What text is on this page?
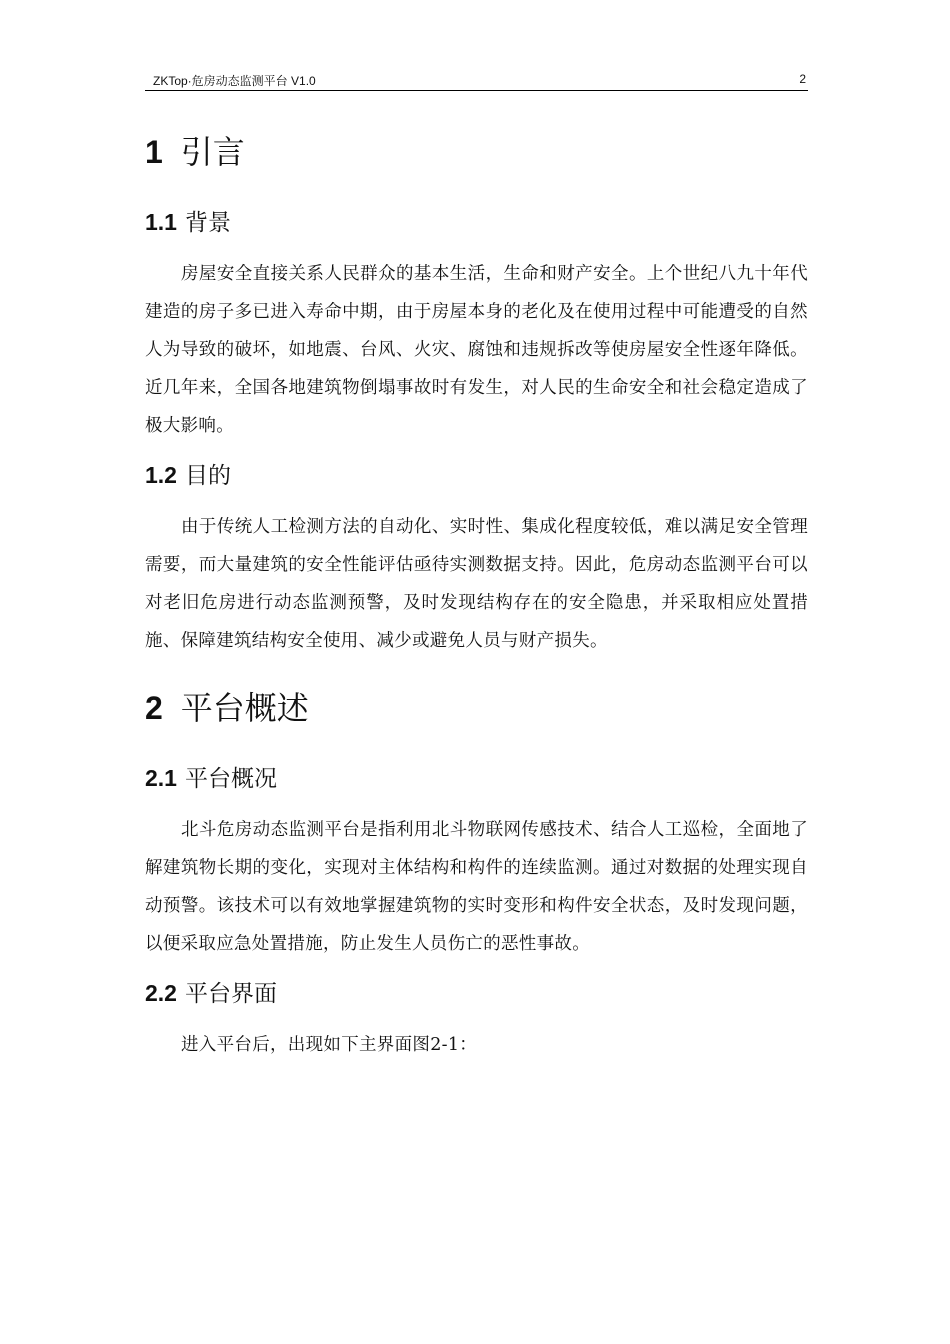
ZKTop·危房动态监测平台 V1.0	2
1 引言
1.1 背景
房屋安全直接关系人民群众的基本生活，生命和财产安全。上个世纪八九十年代建造的房子多已进入寿命中期，由于房屋本身的老化及在使用过程中可能遭受的自然人为导致的破坏，如地震、台风、火灾、腐蚀和违规拆改等使房屋安全性逐年降低。近几年来，全国各地建筑物倒塌事故时有发生，对人民的生命安全和社会稳定造成了极大影响。
1.2 目的
由于传统人工检测方法的自动化、实时性、集成化程度较低，难以满足安全管理需要，而大量建筑的安全性能评估亟待实测数据支持。因此，危房动态监测平台可以对老旧危房进行动态监测预警，及时发现结构存在的安全隐患，并采取相应处置措施、保障建筑结构安全使用、减少或避免人员与财产损失。
2 平台概述
2.1 平台概况
北斗危房动态监测平台是指利用北斗物联网传感技术、结合人工巡检，全面地了解建筑物长期的变化，实现对主体结构和构件的连续监测。通过对数据的处理实现自动预警。该技术可以有效地掌握建筑物的实时变形和构件安全状态，及时发现问题，以便采取应急处置措施，防止发生人员伤亡的恶性事故。
2.2 平台界面
进入平台后，出现如下主界面图2-1：
